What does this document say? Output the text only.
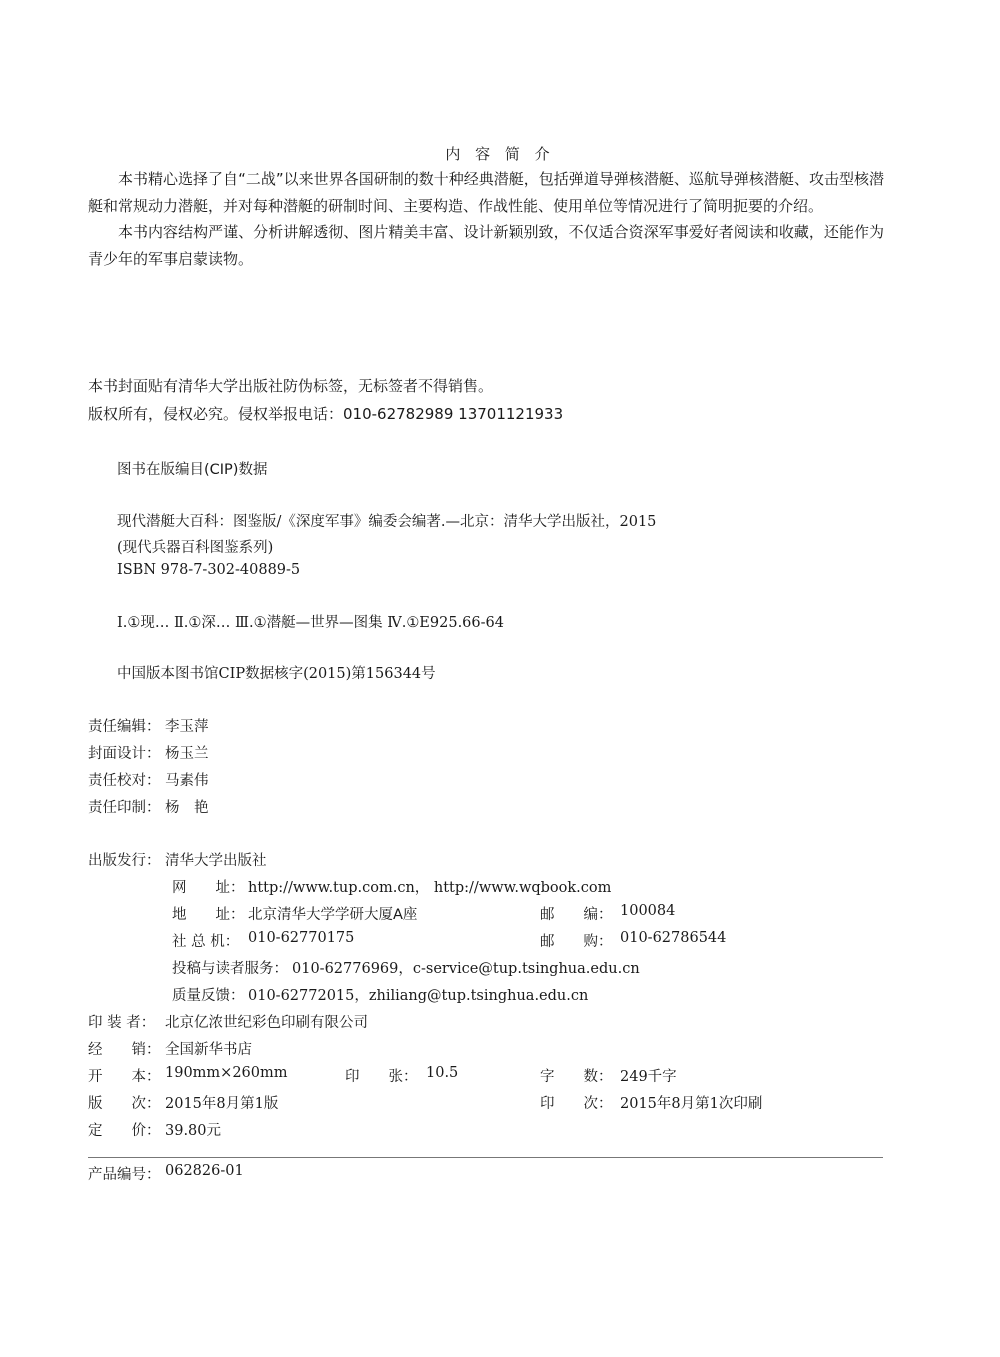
内 容 简 介

本书精心选择了自“二战”以来世界各国研制的数十种经典潜艇，包括弹道导弹核潜艇、巡航导弹核潜艇、攻击型核潜艇和常规动力潜艇，并对每种潜艇的研制时间、主要构造、作战性能、使用单位等情况进行了简明扼要的介绍。

本书内容结构严谨、分析讲解透彻、图片精美丰富、设计新颖别致，不仅适合资深军事爱好者阅读和收藏，还能作为青少年的军事启蒙读物。

本书封面贴有清华大学出版社防伪标签，无标签者不得销售。
版权所有，侵权必究。侵权举报电话：010-62782989 13701121933
图书在版编目(CIP)数据
现代潜艇大百科：图鉴版/《深度军事》编委会编著.—北京：清华大学出版社，2015
(现代兵器百科图鉴系列)
ISBN 978-7-302-40889-5
Ⅰ.①现… Ⅱ.①深… Ⅲ.①潜艇—世界—图集 Ⅳ.①E925.66-64
中国版本图书馆CIP数据核字(2015)第156344号
责任编辑： 李玉萍
封面设计： 杨玉兰
责任校对： 马素伟
责任印制： 杨　艳
出版发行： 清华大学出版社
网　　址： http://www.tup.com.cn， http://www.wqbook.com
地　　址： 北京清华大学学研大厦A座	邮　　编： 100084
社 总 机： 010-62770175	邮　　购： 010-62786544
投稿与读者服务： 010-62776969，c-service@tup.tsinghua.edu.cn
质量反馈： 010-62772015，zhiliang@tup.tsinghua.edu.cn
印 装 者： 北京亿浓世纪彩色印刷有限公司
经　　销： 全国新华书店
开　　本： 190mm×260mm	印　　张： 10.5	字　　数： 249千字
版　　次： 2015年8月第1版	印　　次： 2015年8月第1次印刷
定　　价： 39.80元
产品编号： 062826-01
